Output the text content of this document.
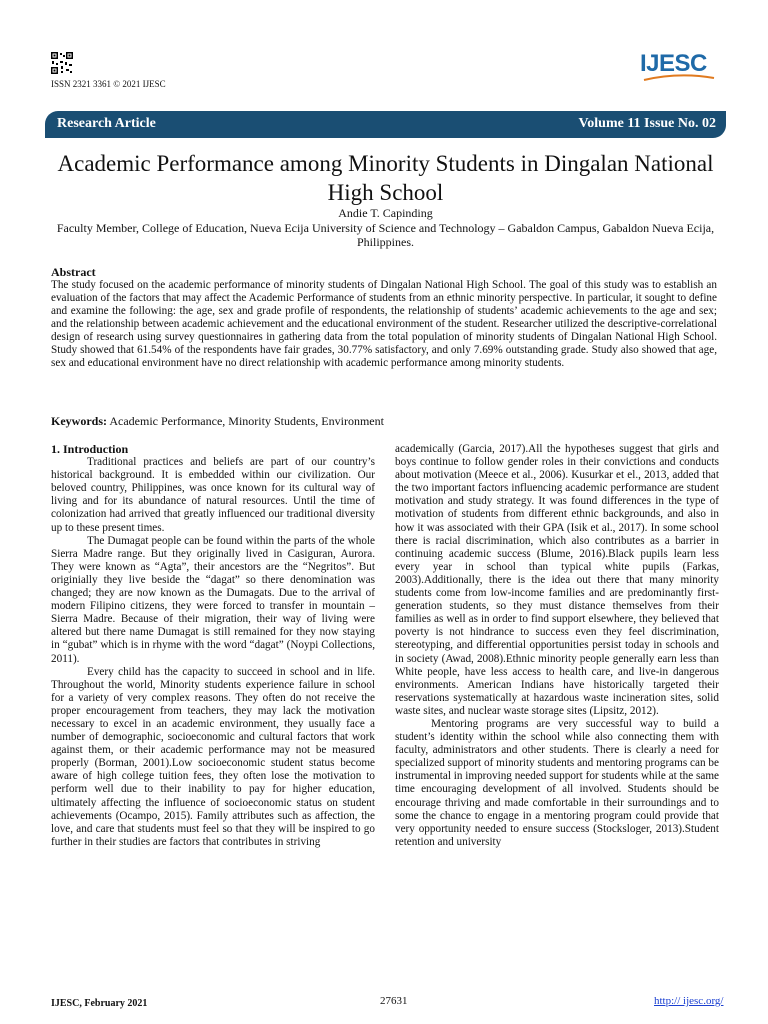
ISSN 2321 3361 © 2021 IJESC
IJESC
Research Article	Volume 11 Issue No. 02
Academic Performance among Minority Students in Dingalan National High School
Andie T. Capinding
Faculty Member, College of Education, Nueva Ecija University of Science and Technology – Gabaldon Campus, Gabaldon Nueva Ecija, Philippines.
Abstract

The study focused on the academic performance of minority students of Dingalan National High School. The goal of this study was to establish an evaluation of the factors that may affect the Academic Performance of students from an ethnic minority perspective. In particular, it sought to define and examine the following: the age, sex and grade profile of respondents, the relationship of students’ academic achievements to the age and sex; and the relationship between academic achievement and the educational environment of the student. Researcher utilized the descriptive-correlational design of research using survey questionnaires in gathering data from the total population of minority students of Dingalan National High School. Study showed that 61.54% of the respondents have fair grades, 30.77% satisfactory, and only 7.69% outstanding grade. Study also showed that age, sex and educational environment have no direct relationship with academic performance among minority students.

Keywords: Academic Performance, Minority Students, Environment
1. Introduction

Traditional practices and beliefs are part of our country’s historical background. It is embedded within our civilization. Our beloved country, Philippines, was once known for its cultural way of living and for its abundance of natural resources. Until the time of colonization had arrived that greatly influenced our traditional diversity up to these present times.

The Dumagat people can be found within the parts of the whole Sierra Madre range. But they originally lived in Casiguran, Aurora. They were known as “Agta”, their ancestors are the “Negritos”. But originially they live beside the “dagat” so there denomination was changed; they are now known as the Dumagats. Due to the arrival of modern Filipino citizens, they were forced to transfer in mountain – Sierra Madre. Because of their migration, their way of living were altered but there name Dumagat is still remained for they now staying in “gubat” which is in rhyme with the word “dagat” (Noypi Collections, 2011).

Every child has the capacity to succeed in school and in life. Throughout the world, Minority students experience failure in school for a variety of very complex reasons. They often do not receive the proper encouragement from teachers, they may lack the motivation necessary to excel in an academic environment, they usually face a number of demographic, socioeconomic and cultural factors that work against them, or their academic performance may not be measured properly (Borman, 2001).Low socioeconomic student status become aware of high college tuition fees, they often lose the motivation to perform well due to their inability to pay for higher education, ultimately affecting the influence of socioeconomic status on student achievements (Ocampo, 2015). Family attributes such as affection, the love, and care that students must feel so that they will be inspired to go further in their studies are factors that contributes in striving

academically (Garcia, 2017).All the hypotheses suggest that girls and boys continue to follow gender roles in their convictions and conducts about motivation (Meece et al., 2006). Kusurkar et el., 2013, added that the two important factors influencing academic performance are student motivation and study strategy. It was found differences in the type of motivation of students from different ethnic backgrounds, and also in how it was associated with their GPA (Isik et al., 2017). In some school there is racial discrimination, which also contributes as a barrier in continuing academic success (Blume, 2016).Black pupils learn less every year in school than typical white pupils (Farkas, 2003).Additionally, there is the idea out there that many minority students come from low-income families and are predominantly first-generation students, so they must distance themselves from their families as well as in order to find support elsewhere, they believed that poverty is not hindrance to success even they feel discrimination, stereotyping, and differential opportunities persist today in schools and in society (Awad, 2008).Ethnic minority people generally earn less than White people, have less access to health care, and live-in dangerous environments. American Indians have historically targeted their reservations systematically at hazardous waste incineration sites, solid waste sites, and nuclear waste storage sites (Lipsitz, 2012).

Mentoring programs are very successful way to build a student’s identity within the school while also connecting them with faculty, administrators and other students. There is clearly a need for specialized support of minority students and mentoring programs can be instrumental in improving needed support for students while at the same time encouraging development of all involved. Students should be encourage thriving and made comfortable in their surroundings and to some the chance to engage in a mentoring program could provide that very opportunity needed to ensure success (Stocksloger, 2013).Student retention and university

IJESC, February 2021	27631	http:// ijesc.org/
